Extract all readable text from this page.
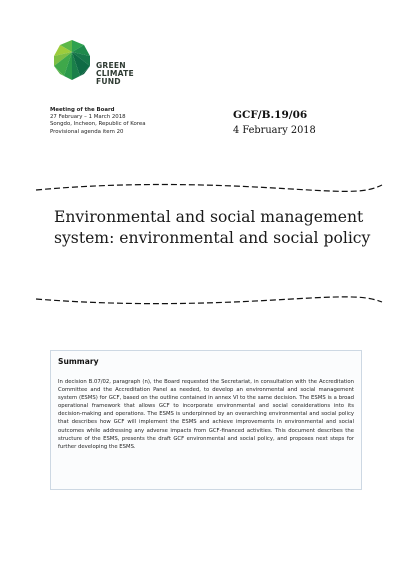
GREEN
CLIMATE
FUND
Meeting of the Board
27 February – 1 March 2018
Songdo, Incheon, Republic of Korea
Provisional agenda item 20
GCF/B.19/06
4 February 2018
Environmental and social management system: environmental and social policy
Summary
In decision B.07/02, paragraph (n), the Board requested the Secretariat, in consultation with the Accreditation Committee and the Accreditation Panel as needed, to develop an environmental and social management system (ESMS) for GCF, based on the outline contained in annex VI to the same decision. The ESMS is a broad operational framework that allows GCF to incorporate environmental and social considerations into its decision-making and operations. The ESMS is underpinned by an overarching environmental and social policy that describes how GCF will implement the ESMS and achieve improvements in environmental and social outcomes while addressing any adverse impacts from GCF-financed activities. This document describes the structure of the ESMS, presents the draft GCF environmental and social policy, and proposes next steps for further developing the ESMS.
